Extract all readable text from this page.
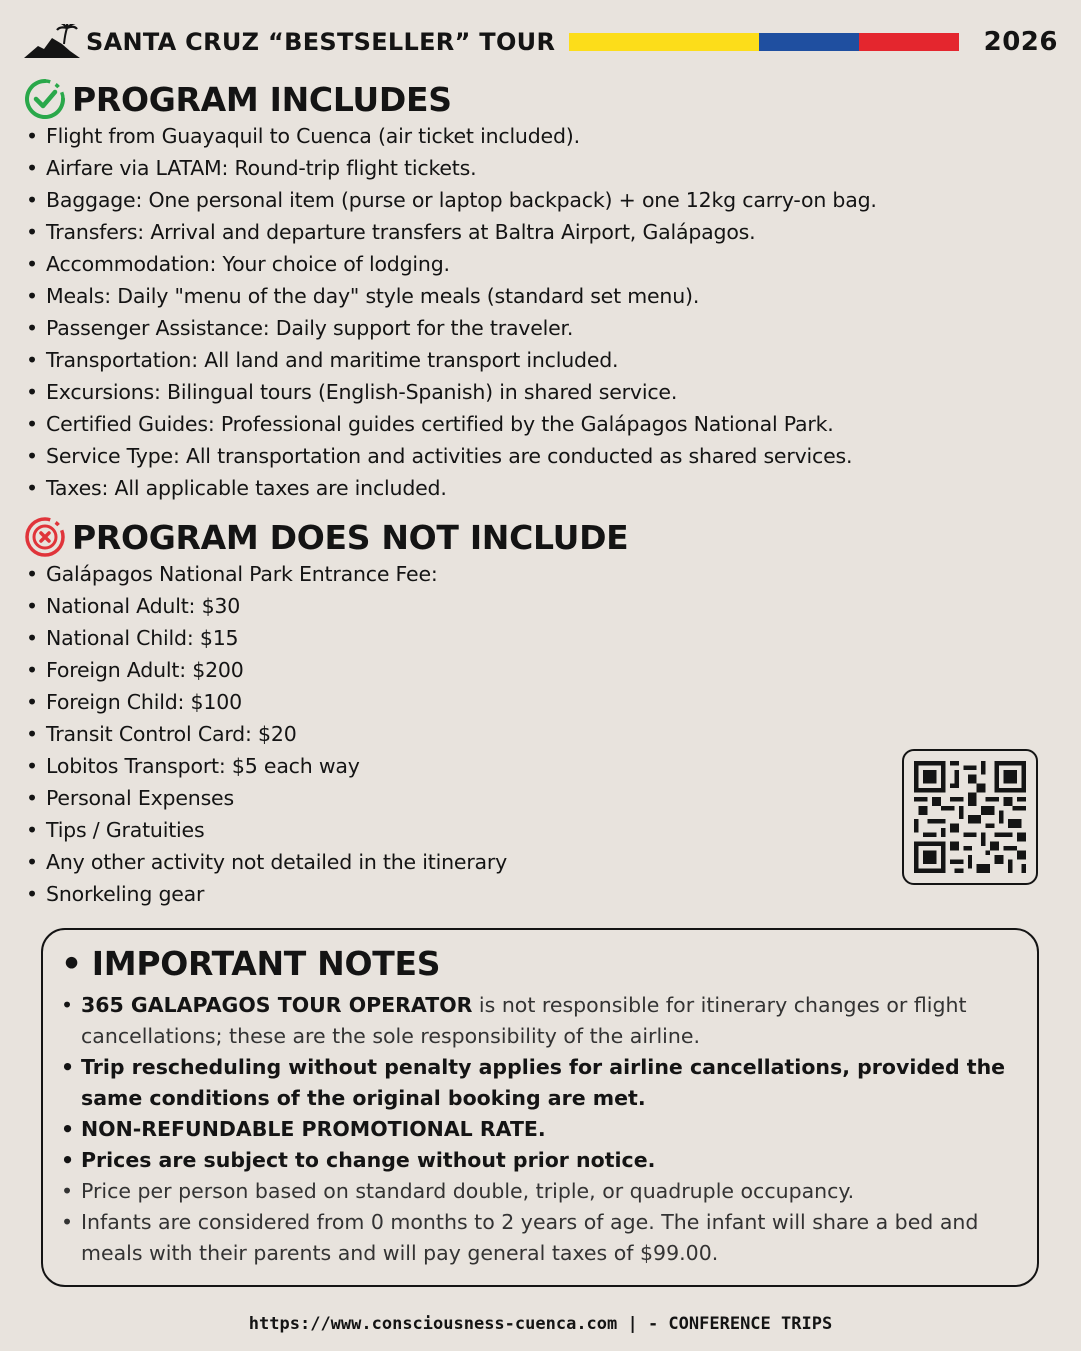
SANTA CRUZ “BESTSELLER” TOUR	2026
PROGRAM INCLUDES
• Flight from Guayaquil to Cuenca (air ticket included).
• Airfare via LATAM: Round-trip flight tickets.
• Baggage: One personal item (purse or laptop backpack) + one 12kg carry-on bag.
• Transfers: Arrival and departure transfers at Baltra Airport, Galápagos.
• Accommodation: Your choice of lodging.
• Meals: Daily "menu of the day" style meals (standard set menu).
• Passenger Assistance: Daily support for the traveler.
• Transportation: All land and maritime transport included.
• Excursions: Bilingual tours (English-Spanish) in shared service.
• Certified Guides: Professional guides certified by the Galápagos National Park.
• Service Type: All transportation and activities are conducted as shared services.
• Taxes: All applicable taxes are included.
PROGRAM DOES NOT INCLUDE
• Galápagos National Park Entrance Fee:
• National Adult: $30
• National Child: $15
• Foreign Adult: $200
• Foreign Child: $100
• Transit Control Card: $20
• Lobitos Transport: $5 each way
• Personal Expenses
• Tips / Gratuities
• Any other activity not detailed in the itinerary
• Snorkeling gear
• IMPORTANT NOTES
• 365 GALAPAGOS TOUR OPERATOR is not responsible for itinerary changes or flight cancellations; these are the sole responsibility of the airline.
• Trip rescheduling without penalty applies for airline cancellations, provided the same conditions of the original booking are met.
• NON-REFUNDABLE PROMOTIONAL RATE.
• Prices are subject to change without prior notice.
• Price per person based on standard double, triple, or quadruple occupancy.
• Infants are considered from 0 months to 2 years of age. The infant will share a bed and meals with their parents and will pay general taxes of $99.00.
https://www.consciousness-cuenca.com | - CONFERENCE TRIPS
